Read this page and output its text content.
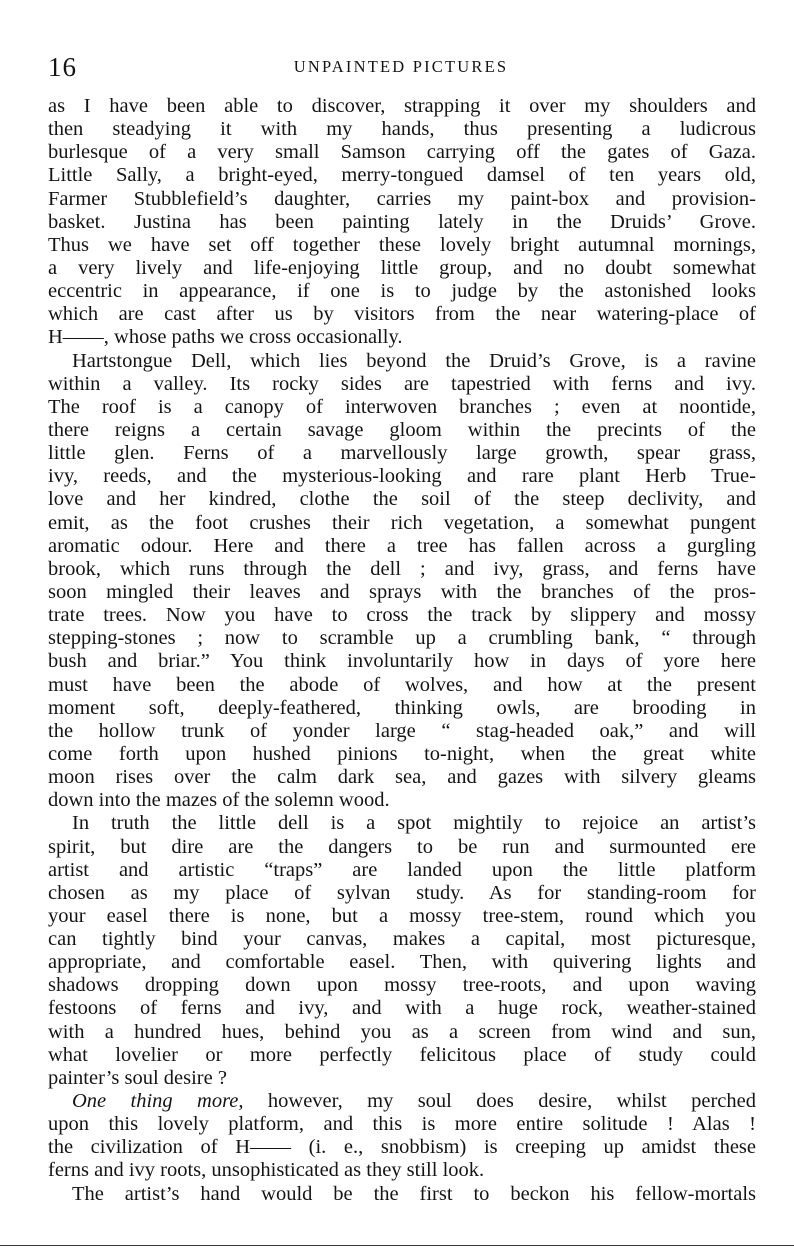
16	UNPAINTED PICTURES
as I have been able to discover, strapping it over my shoulders and
then steadying it with my hands, thus presenting a ludicrous
burlesque of a very small Samson carrying off the gates of Gaza.
Little Sally, a bright-eyed, merry-tongued damsel of ten years old,
Farmer Stubblefield’s daughter, carries my paint-box and provision-
basket. Justina has been painting lately in the Druids’ Grove.
Thus we have set off together these lovely bright autumnal mornings,
a very lively and life-enjoying little group, and no doubt somewhat
eccentric in appearance, if one is to judge by the astonished looks
which are cast after us by visitors from the near watering-place of
H——, whose paths we cross occasionally.
Hartstongue Dell, which lies beyond the Druid’s Grove, is a ravine
within a valley. Its rocky sides are tapestried with ferns and ivy.
The roof is a canopy of interwoven branches ; even at noontide,
there reigns a certain savage gloom within the precints of the
little glen. Ferns of a marvellously large growth, spear grass,
ivy, reeds, and the mysterious-looking and rare plant Herb True-
love and her kindred, clothe the soil of the steep declivity, and
emit, as the foot crushes their rich vegetation, a somewhat pungent
aromatic odour. Here and there a tree has fallen across a gurgling
brook, which runs through the dell ; and ivy, grass, and ferns have
soon mingled their leaves and sprays with the branches of the pros-
trate trees. Now you have to cross the track by slippery and mossy
stepping-stones ; now to scramble up a crumbling bank, “ through
bush and briar.” You think involuntarily how in days of yore here
must have been the abode of wolves, and how at the present
moment soft, deeply-feathered, thinking owls, are brooding in
the hollow trunk of yonder large “ stag-headed oak,” and will
come forth upon hushed pinions to-night, when the great white
moon rises over the calm dark sea, and gazes with silvery gleams
down into the mazes of the solemn wood.
In truth the little dell is a spot mightily to rejoice an artist’s
spirit, but dire are the dangers to be run and surmounted ere
artist and artistic “traps” are landed upon the little platform
chosen as my place of sylvan study. As for standing-room for
your easel there is none, but a mossy tree-stem, round which you
can tightly bind your canvas, makes a capital, most picturesque,
appropriate, and comfortable easel. Then, with quivering lights and
shadows dropping down upon mossy tree-roots, and upon waving
festoons of ferns and ivy, and with a huge rock, weather-stained
with a hundred hues, behind you as a screen from wind and sun,
what lovelier or more perfectly felicitous place of study could
painter’s soul desire ?
One thing more, however, my soul does desire, whilst perched
upon this lovely platform, and this is more entire solitude ! Alas !
the civilization of H—— (i. e., snobbism) is creeping up amidst these
ferns and ivy roots, unsophisticated as they still look.
The artist’s hand would be the first to beckon his fellow-mortals
